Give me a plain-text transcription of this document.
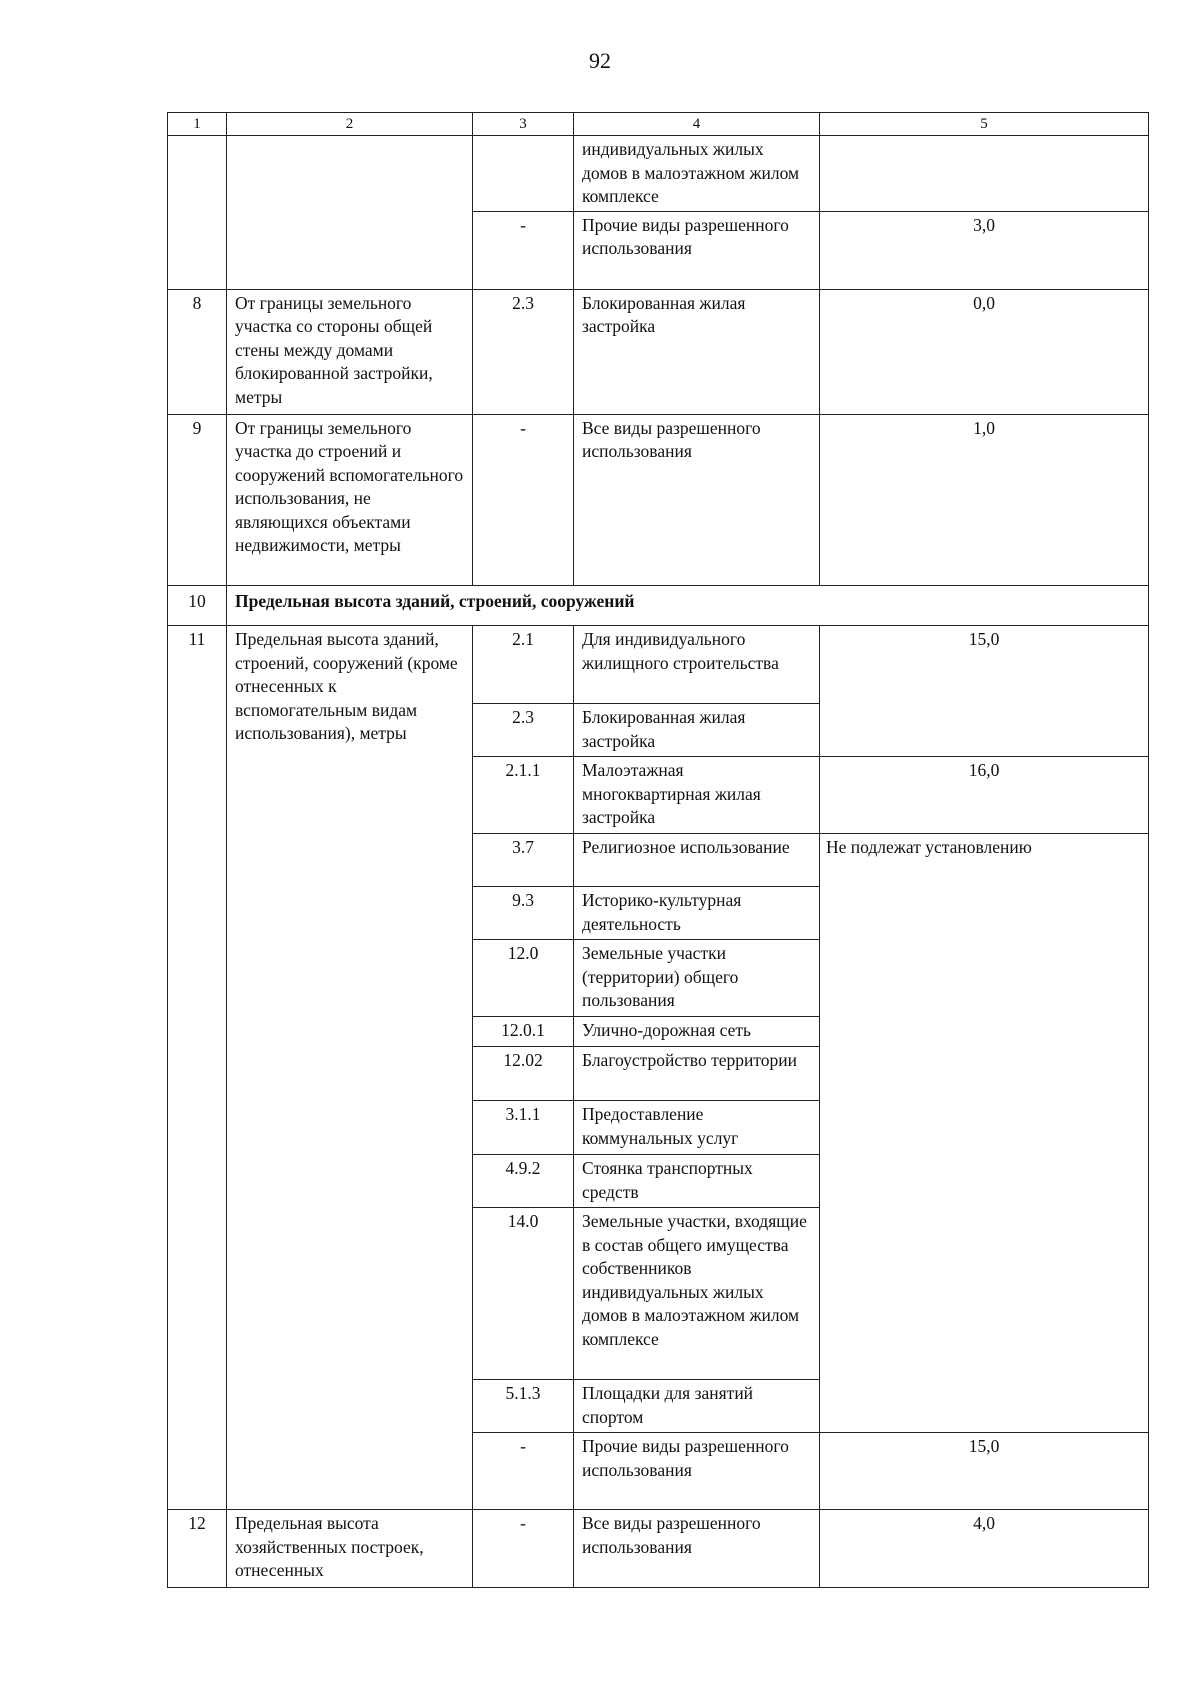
92
1	2	3	4	5
			индивидуальных жилых домов в малоэтажном жилом комплексе	
		-	Прочие виды разрешенного использования	3,0
8	От границы земельного участка со стороны общей стены между домами блокированной застройки, метры	2.3	Блокированная жилая застройка	0,0
9	От границы земельного участка до строений и сооружений вспомогательного использования, не являющихся объектами недвижимости, метры	-	Все виды разрешенного использования	1,0
10	Предельная высота зданий, строений, сооружений			
11	Предельная высота зданий, строений, сооружений (кроме отнесенных к вспомогательным видам использования), метры	2.1	Для индивидуального жилищного строительства	15,0
		2.3	Блокированная жилая застройка	
		2.1.1	Малоэтажная многоквартирная жилая застройка	16,0
		3.7	Религиозное использование	Не подлежат установлению
		9.3	Историко-культурная деятельность	
		12.0	Земельные участки (территории) общего пользования	
		12.0.1	Улично-дорожная сеть	
		12.02	Благоустройство территории	
		3.1.1	Предоставление коммунальных услуг	
		4.9.2	Стоянка транспортных средств	
		14.0	Земельные участки, входящие в состав общего имущества собственников индивидуальных жилых домов в малоэтажном жилом комплексе	
		5.1.3	Площадки для занятий спортом	
		-	Прочие виды разрешенного использования	15,0
12	Предельная высота хозяйственных построек, отнесенных	-	Все виды разрешенного использования	4,0
